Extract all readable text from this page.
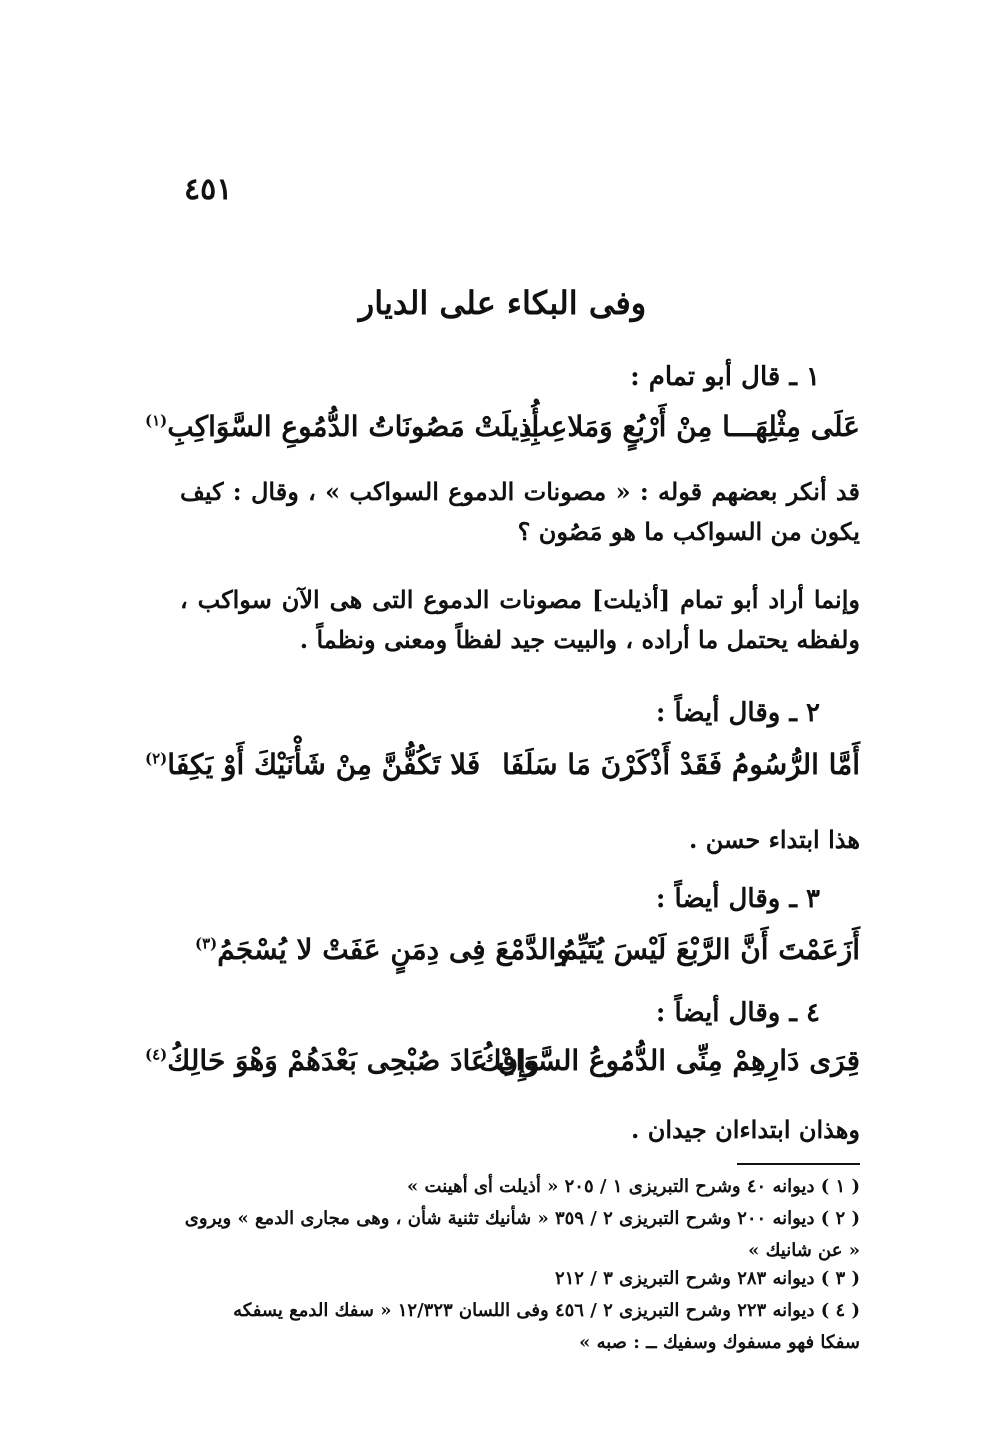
٤٥١
وفى البكاء على الديار
١ ـ قال أبو تمام :
عَلَى مِثْلِهَـــا مِنْ أَرْبُعٍ وَمَلاعِبِ
أُذِيلَتْ مَصُونَاتُ الدُّمُوعِ السَّوَاكِبِ$^{(١)}$
قد أنكر بعضهم قوله : « مصونات الدموع السواكب » ، وقال : كيف يكون من السواكب ما هو مَصُون ؟
وإنما أراد أبو تمام [أذيلت] مصونات الدموع التى هى الآن سواكب ، ولفظه يحتمل ما أراده ، والبيت جيد لفظاً ومعنى ونظماً .
٢ ـ وقال أيضاً :
أَمَّا الرُّسُومُ فَقَدْ أَذْكَرْنَ مَا سَلَفَا
فَلا تَكُفُّنَّ مِنْ شَأْنَيْكَ أَوْ يَكِفَا$^{(٢)}$
هذا ابتداء حسن .
٣ ـ وقال أيضاً :
أَزَعَمْتَ أَنَّ الرَّبْعَ لَيْسَ يُتَيِّمُ
والدَّمْعَ فِى دِمَنٍ عَفَتْ لا يُسْجَمُ$^{(٣)}$
٤ ـ وقال أيضاً :
قِرَى دَارِهِمْ مِنِّى الدُّمُوعُ السَّوَافِكُ
وَإِنْ عَادَ صُبْحِى بَعْدَهُمْ وَهْوَ حَالِكُ$^{(٤)}$
وهذان ابتداءان جيدان .
( ١ ) ديوانه ٤٠ وشرح التبريزى ١ / ٢٠٥ « أذيلت أى أهينت »
( ٢ ) ديوانه ٢٠٠ وشرح التبريزى ٢ / ٣٥٩ « شأنيك تثنية شأن ، وهى مجارى الدمع » ويروى
« عن شانيك »
( ٣ ) ديوانه ٢٨٣ وشرح التبريزى ٣ / ٢١٢
( ٤ ) ديوانه ٢٢٣ وشرح التبريزى ٢ / ٤٥٦ وفى اللسان ١٢/٣٢٣ « سفك الدمع يسفكه
سفكا فهو مسفوك وسفيك ــ : صبه »
